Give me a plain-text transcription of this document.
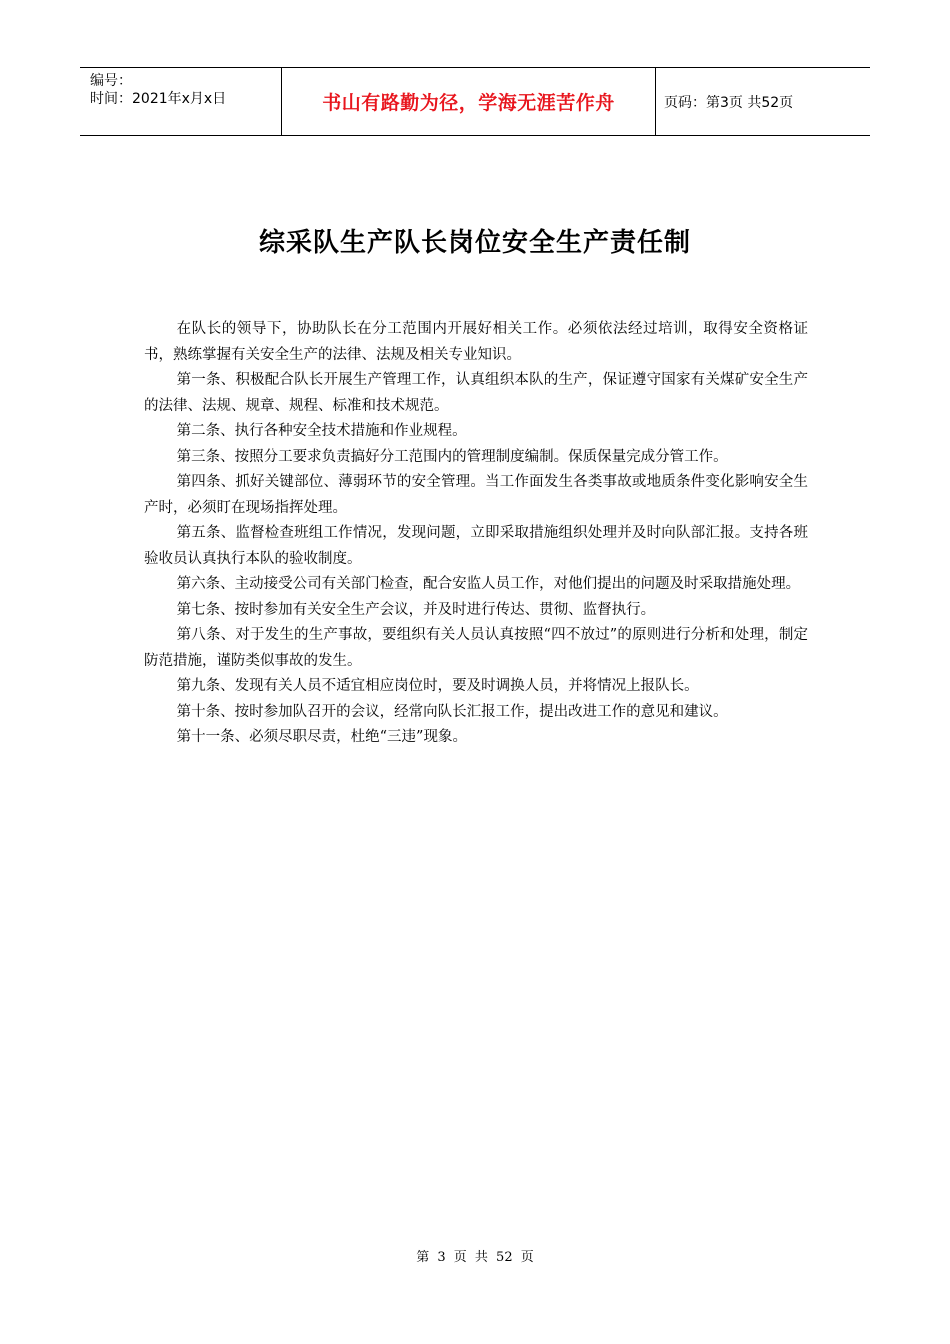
编号：
时间：2021年x月x日	书山有路勤为径，学海无涯苦作舟	页码：第3页 共52页
综采队生产队长岗位安全生产责任制

在队长的领导下，协助队长在分工范围内开展好相关工作。必须依法经过培训，取得安全资格证书，熟练掌握有关安全生产的法律、法规及相关专业知识。

第一条、积极配合队长开展生产管理工作，认真组织本队的生产，保证遵守国家有关煤矿安全生产的法律、法规、规章、规程、标准和技术规范。

第二条、执行各种安全技术措施和作业规程。

第三条、按照分工要求负责搞好分工范围内的管理制度编制。保质保量完成分管工作。

第四条、抓好关键部位、薄弱环节的安全管理。当工作面发生各类事故或地质条件变化影响安全生产时，必须盯在现场指挥处理。

第五条、监督检查班组工作情况，发现问题，立即采取措施组织处理并及时向队部汇报。支持各班验收员认真执行本队的验收制度。

第六条、主动接受公司有关部门检查，配合安监人员工作，对他们提出的问题及时采取措施处理。

第七条、按时参加有关安全生产会议，并及时进行传达、贯彻、监督执行。

第八条、对于发生的生产事故，要组织有关人员认真按照“四不放过”的原则进行分析和处理，制定防范措施，谨防类似事故的发生。

第九条、发现有关人员不适宜相应岗位时，要及时调换人员，并将情况上报队长。

第十条、按时参加队召开的会议，经常向队长汇报工作，提出改进工作的意见和建议。

第十一条、必须尽职尽责，杜绝“三违”现象。

第 3 页 共 52 页
